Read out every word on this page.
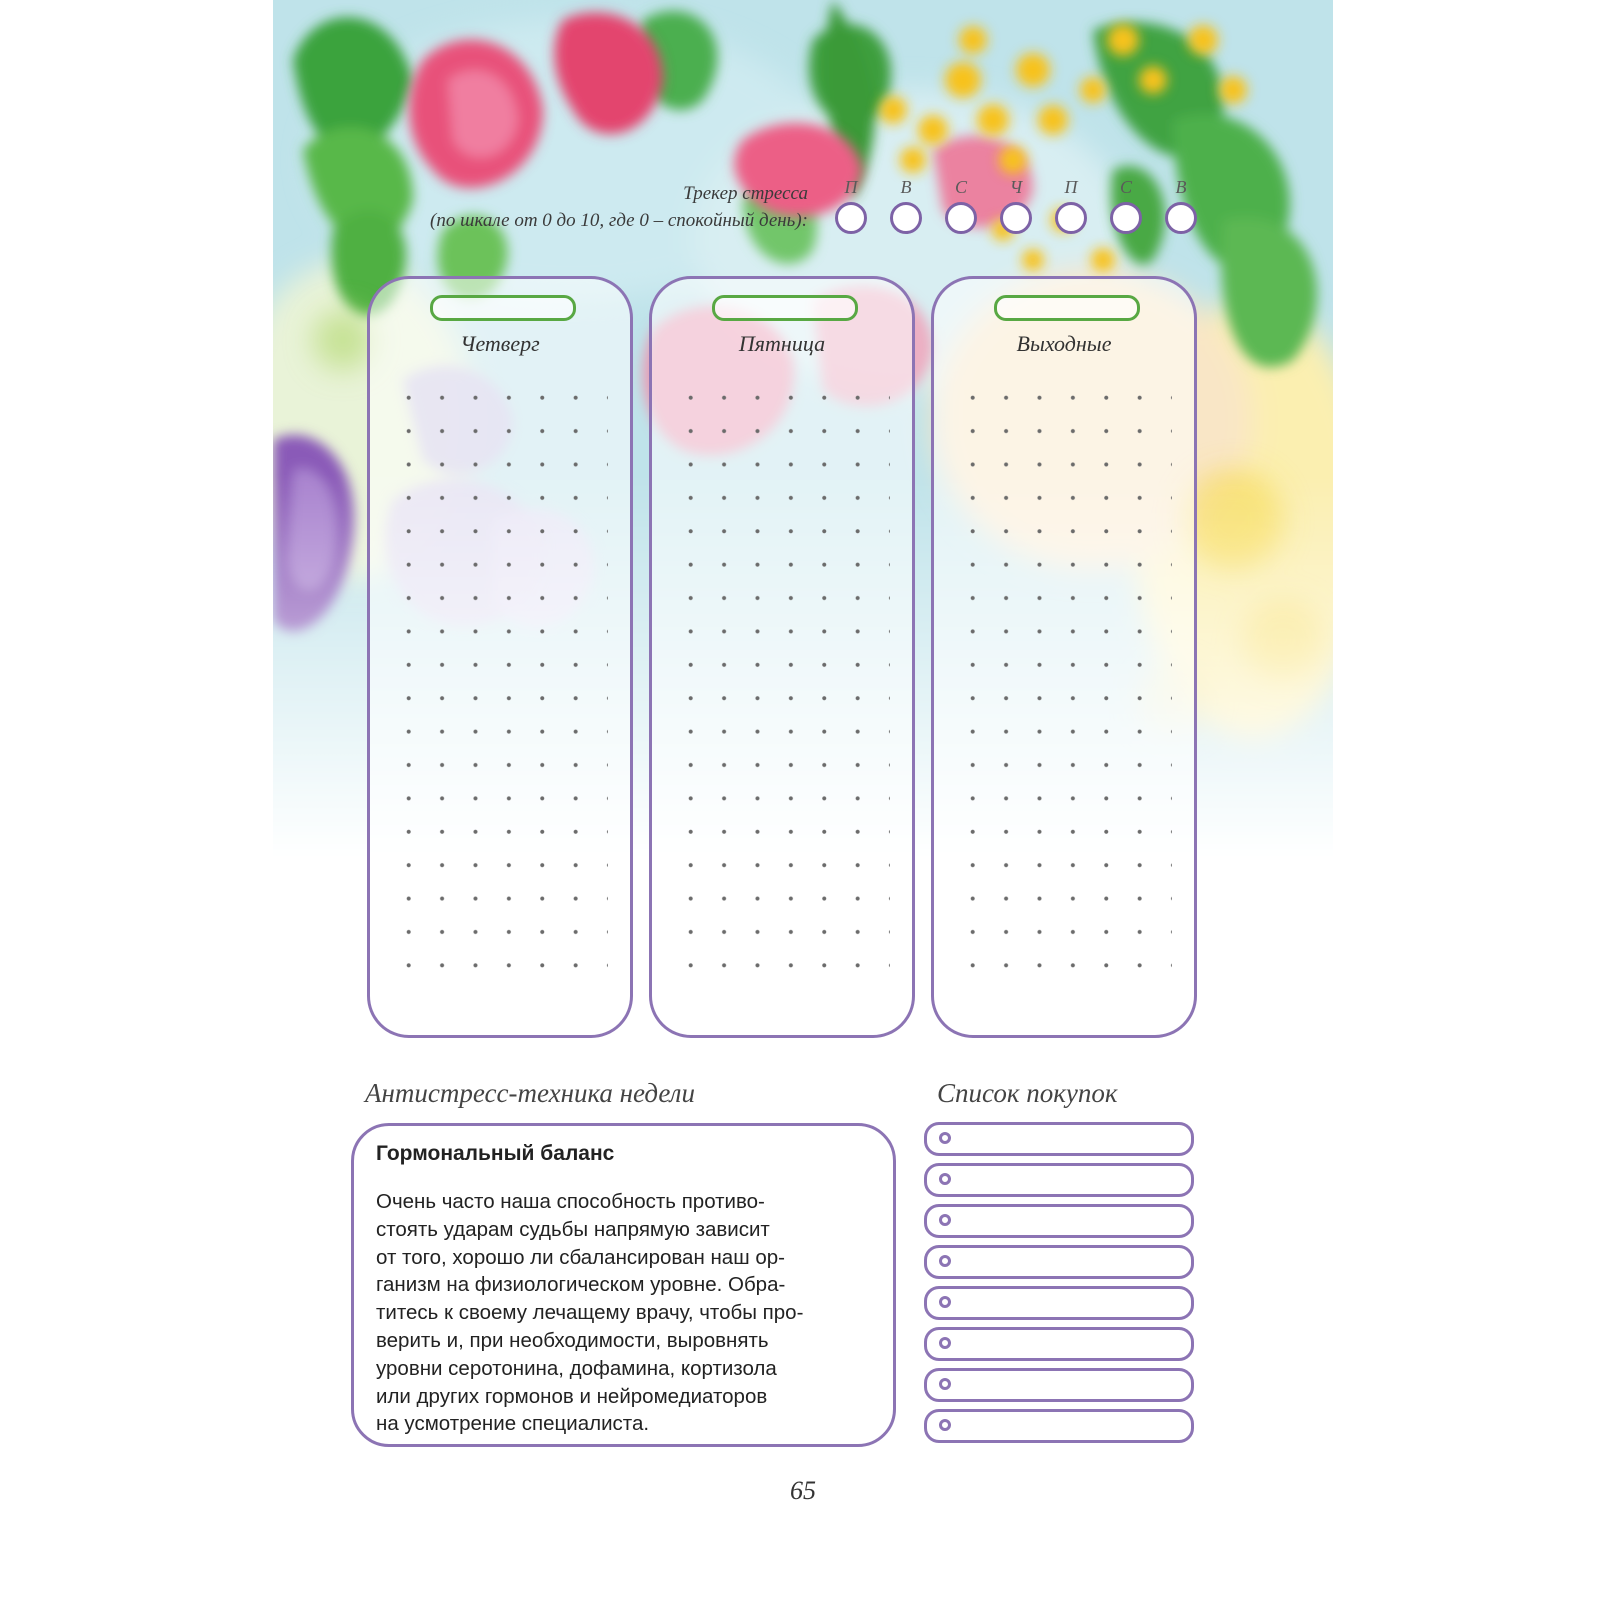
Трекер стресса
(по шкале от 0 до 10, где 0 – спокойный день):
П	В	С	Ч	П	С	В
Четверг	Пятница	Выходные
Антистресс-техника недели	Список покупок
Гормональный баланс

Очень часто наша способность противо-
стоять ударам судьбы напрямую зависит
от того, хорошо ли сбалансирован наш ор-
ганизм на физиологическом уровне. Обра-
титесь к своему лечащему врачу, чтобы про-
верить и, при необходимости, выровнять
уровни серотонина, дофамина, кортизола
или других гормонов и нейромедиаторов
на усмотрение специалиста.

65
